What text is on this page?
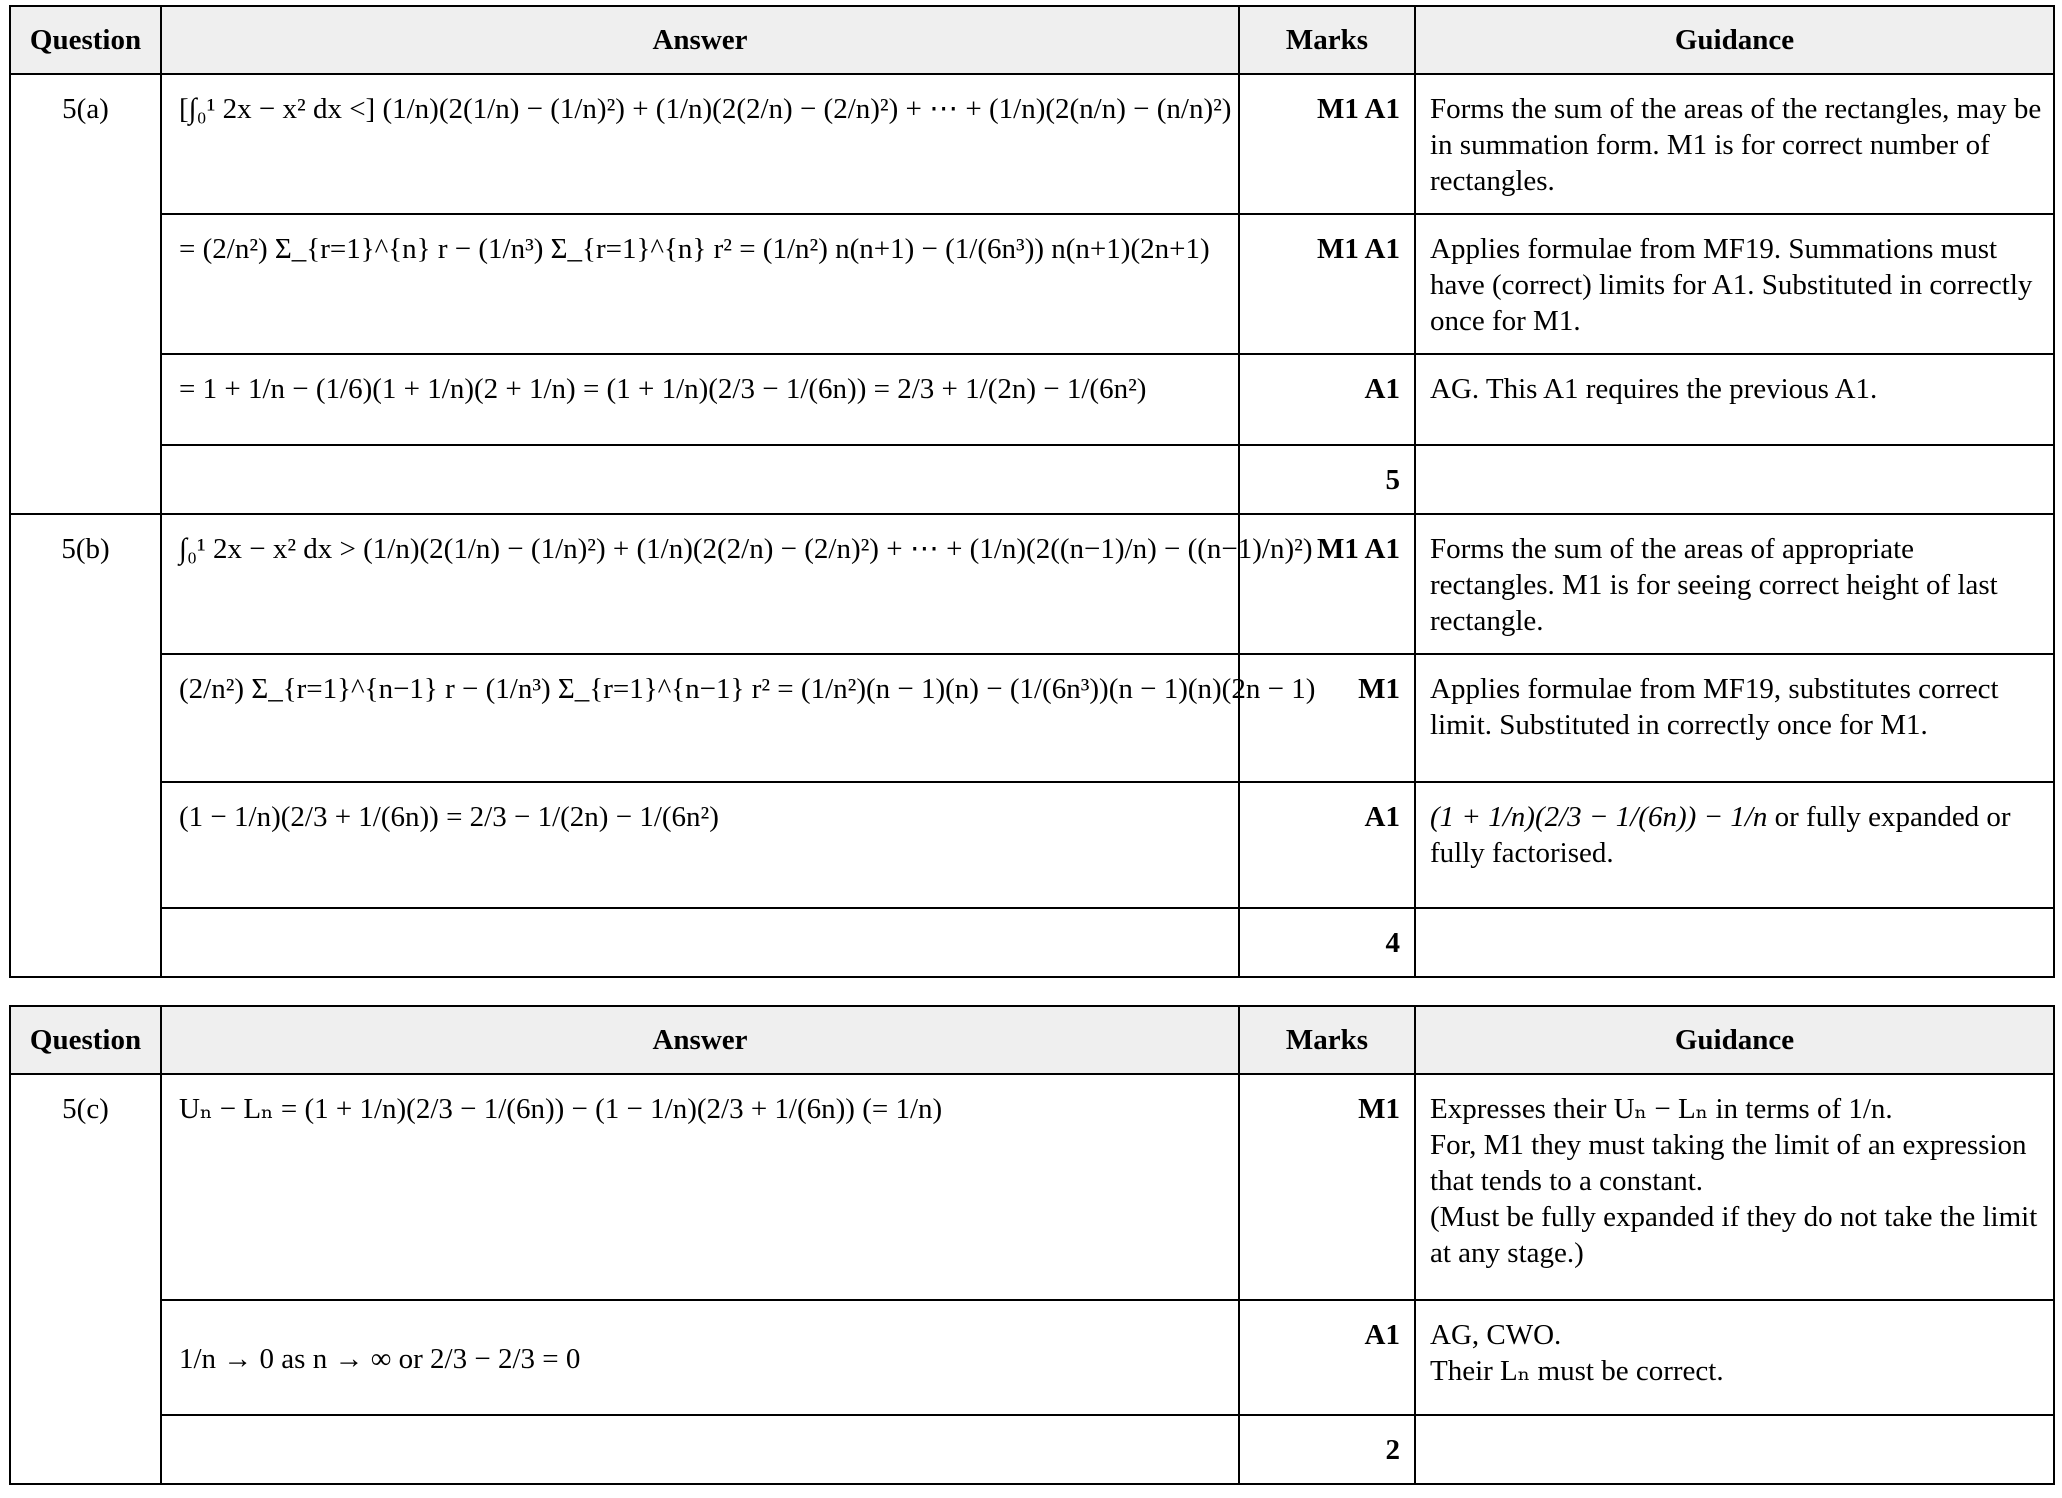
Question	Answer	Marks	Guidance
5(a)	[∫₀¹ 2x − x² dx <] (1/n)(2(1/n) − (1/n)²) + (1/n)(2(2/n) − (2/n)²) + ⋯ + (1/n)(2(n/n) − (n/n)²)	M1 A1	Forms the sum of the areas of the rectangles, may be in summation form. M1 is for correct number of rectangles.
	= (2/n²) Σ_{r=1}^{n} r − (1/n³) Σ_{r=1}^{n} r² = (1/n²) n(n+1) − (1/(6n³)) n(n+1)(2n+1)	M1 A1	Applies formulae from MF19. Summations must have (correct) limits for A1. Substituted in correctly once for M1.
	= 1 + 1/n − (1/6)(1 + 1/n)(2 + 1/n) = (1 + 1/n)(2/3 − 1/(6n)) = 2/3 + 1/(2n) − 1/(6n²)	A1	AG. This A1 requires the previous A1.
		5	
5(b)	∫₀¹ 2x − x² dx > (1/n)(2(1/n) − (1/n)²) + (1/n)(2(2/n) − (2/n)²) + ⋯ + (1/n)(2((n−1)/n) − ((n−1)/n)²)	M1 A1	Forms the sum of the areas of appropriate rectangles. M1 is for seeing correct height of last rectangle.
	(2/n²) Σ_{r=1}^{n−1} r − (1/n³) Σ_{r=1}^{n−1} r² = (1/n²)(n − 1)(n) − (1/(6n³))(n − 1)(n)(2n − 1)	M1	Applies formulae from MF19, substitutes correct limit. Substituted in correctly once for M1.
	(1 − 1/n)(2/3 + 1/(6n)) = 2/3 − 1/(2n) − 1/(6n²)	A1	(1 + 1/n)(2/3 − 1/(6n)) − 1/n or fully expanded or fully factorised.
		4	
Question	Answer	Marks	Guidance
5(c)	Uₙ − Lₙ = (1 + 1/n)(2/3 − 1/(6n)) − (1 − 1/n)(2/3 + 1/(6n)) (= 1/n)	M1	Expresses their Uₙ − Lₙ in terms of 1/n.
For, M1 they must taking the limit of an expression that tends to a constant.
(Must be fully expanded if they do not take the limit at any stage.)

	1/n → 0 as n → ∞ or 2/3 − 2/3 = 0	A1	AG, CWO.
Their Lₙ must be correct.

		2	
